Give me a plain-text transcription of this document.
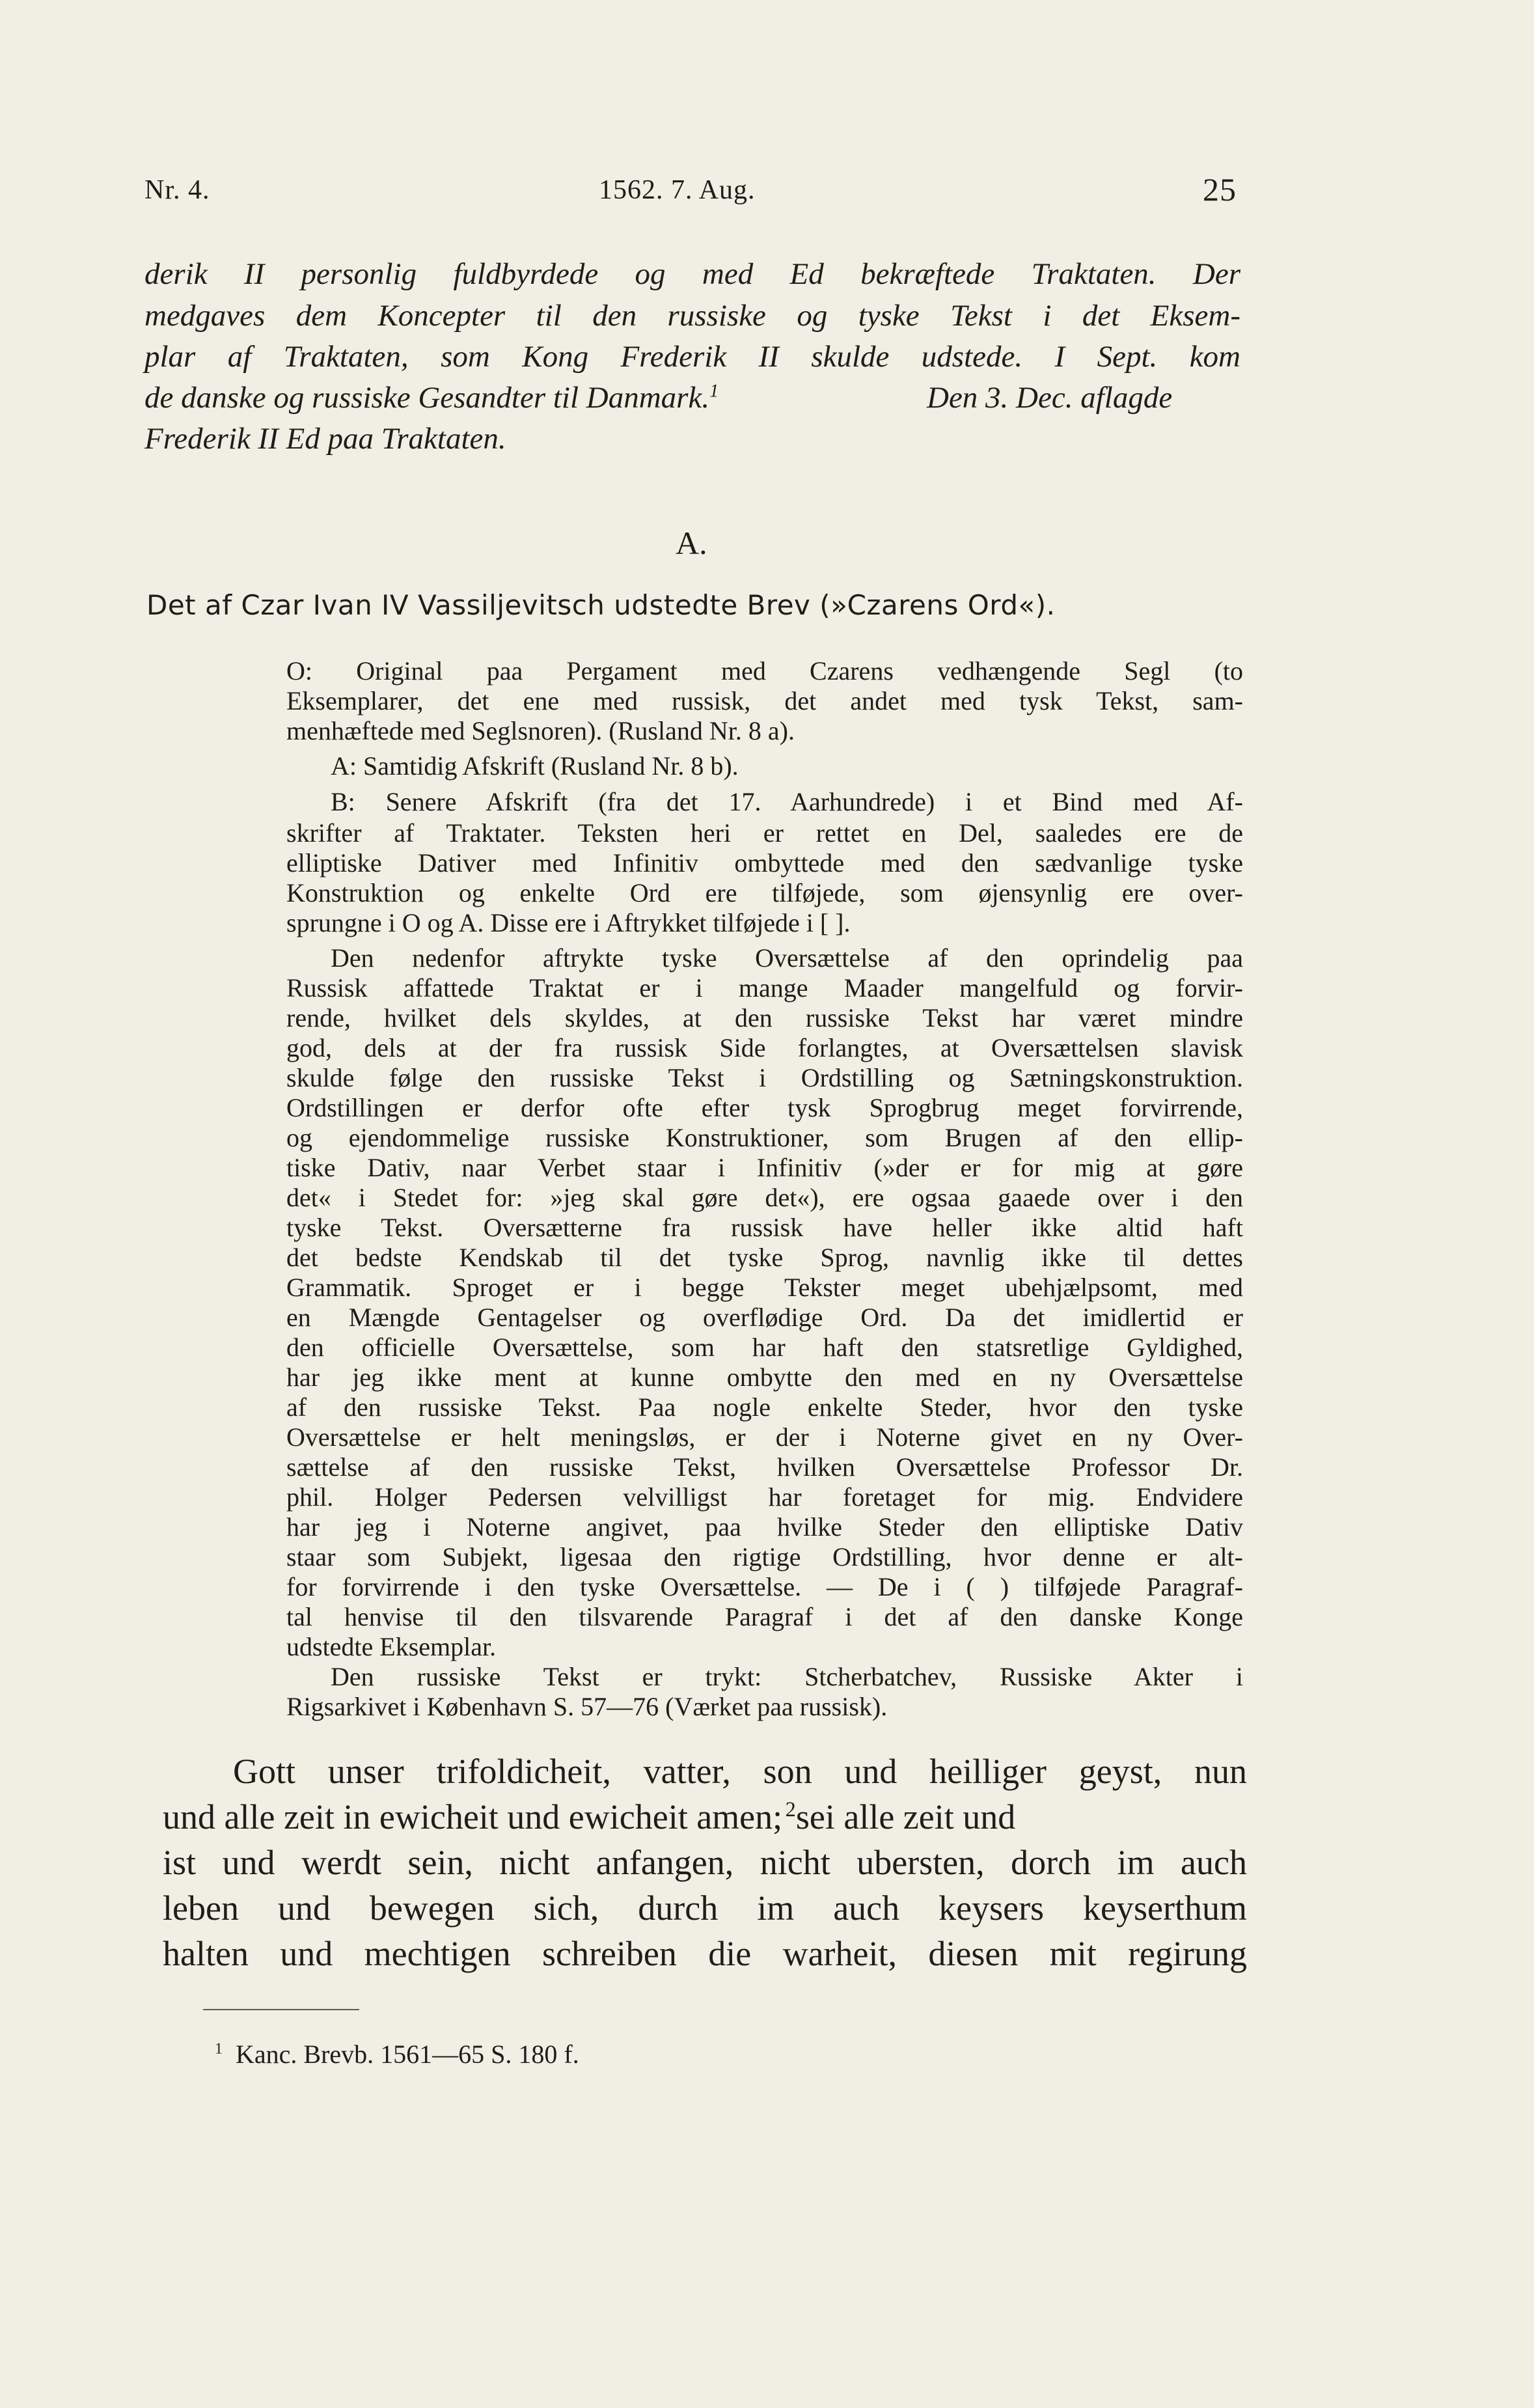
Nr. 4.	1562. 7. Aug.	25
derik II personlig fuldbyrdede og med Ed bekræftede Traktaten. Der
medgaves dem Koncepter til den russiske og tyske Tekst i det Eksem-
plar af Traktaten, som Kong Frederik II skulde udstede. I Sept. kom
de danske og russiske Gesandter til Danmark.$^1$	Den 3. Dec. aflagde
Frederik II Ed paa Traktaten.
A.
Det af Czar Ivan IV Vassiljevitsch udstedte Brev (»Czarens Ord«).
O: Original paa Pergament med Czarens vedhængende Segl (to
Eksemplarer, det ene med russisk, det andet med tysk Tekst, sam-
menhæftede med Seglsnoren). (Rusland Nr. 8 a).
A: Samtidig Afskrift (Rusland Nr. 8 b).
B: Senere Afskrift (fra det 17. Aarhundrede) i et Bind med Af-
skrifter af Traktater. Teksten heri er rettet en Del, saaledes ere de
elliptiske Dativer med Infinitiv ombyttede med den sædvanlige tyske
Konstruktion og enkelte Ord ere tilføjede, som øjensynlig ere over-
sprungne i O og A. Disse ere i Aftrykket tilføjede i [ ].
Den nedenfor aftrykte tyske Oversættelse af den oprindelig paa
Russisk affattede Traktat er i mange Maader mangelfuld og forvir-
rende, hvilket dels skyldes, at den russiske Tekst har været mindre
god, dels at der fra russisk Side forlangtes, at Oversættelsen slavisk
skulde følge den russiske Tekst i Ordstilling og Sætningskonstruktion.
Ordstillingen er derfor ofte efter tysk Sprogbrug meget forvirrende,
og ejendommelige russiske Konstruktioner, som Brugen af den ellip-
tiske Dativ, naar Verbet staar i Infinitiv (»der er for mig at gøre
det« i Stedet for: »jeg skal gøre det«), ere ogsaa gaaede over i den
tyske Tekst. Oversætterne fra russisk have heller ikke altid haft
det bedste Kendskab til det tyske Sprog, navnlig ikke til dettes
Grammatik. Sproget er i begge Tekster meget ubehjælpsomt, med
en Mængde Gentagelser og overflødige Ord. Da det imidlertid er
den officielle Oversættelse, som har haft den statsretlige Gyldighed,
har jeg ikke ment at kunne ombytte den med en ny Oversættelse
af den russiske Tekst. Paa nogle enkelte Steder, hvor den tyske
Oversættelse er helt meningsløs, er der i Noterne givet en ny Over-
sættelse af den russiske Tekst, hvilken Oversættelse Professor Dr.
phil. Holger Pedersen velvilligst har foretaget for mig. Endvidere
har jeg i Noterne angivet, paa hvilke Steder den elliptiske Dativ
staar som Subjekt, ligesaa den rigtige Ordstilling, hvor denne er alt-
for forvirrende i den tyske Oversættelse. — De i ( ) tilføjede Paragraf-
tal henvise til den tilsvarende Paragraf i det af den danske Konge
udstedte Eksemplar.
Den russiske Tekst er trykt: Stcherbatchev, Russiske Akter i
Rigsarkivet i København S. 57—76 (Værket paa russisk).
Gott unser trifoldicheit, vatter, son und heilliger geyst, nun
und alle zeit in ewicheit und ewicheit amen;  $^2$sei alle zeit und
ist und werdt sein, nicht anfangen, nicht ubersten, dorch im auch
leben und bewegen sich, durch im auch keysers keyserthum
halten und mechtigen schreiben die warheit, diesen mit regirung
$^1$ Kanc. Brevb. 1561—65 S. 180 f.
